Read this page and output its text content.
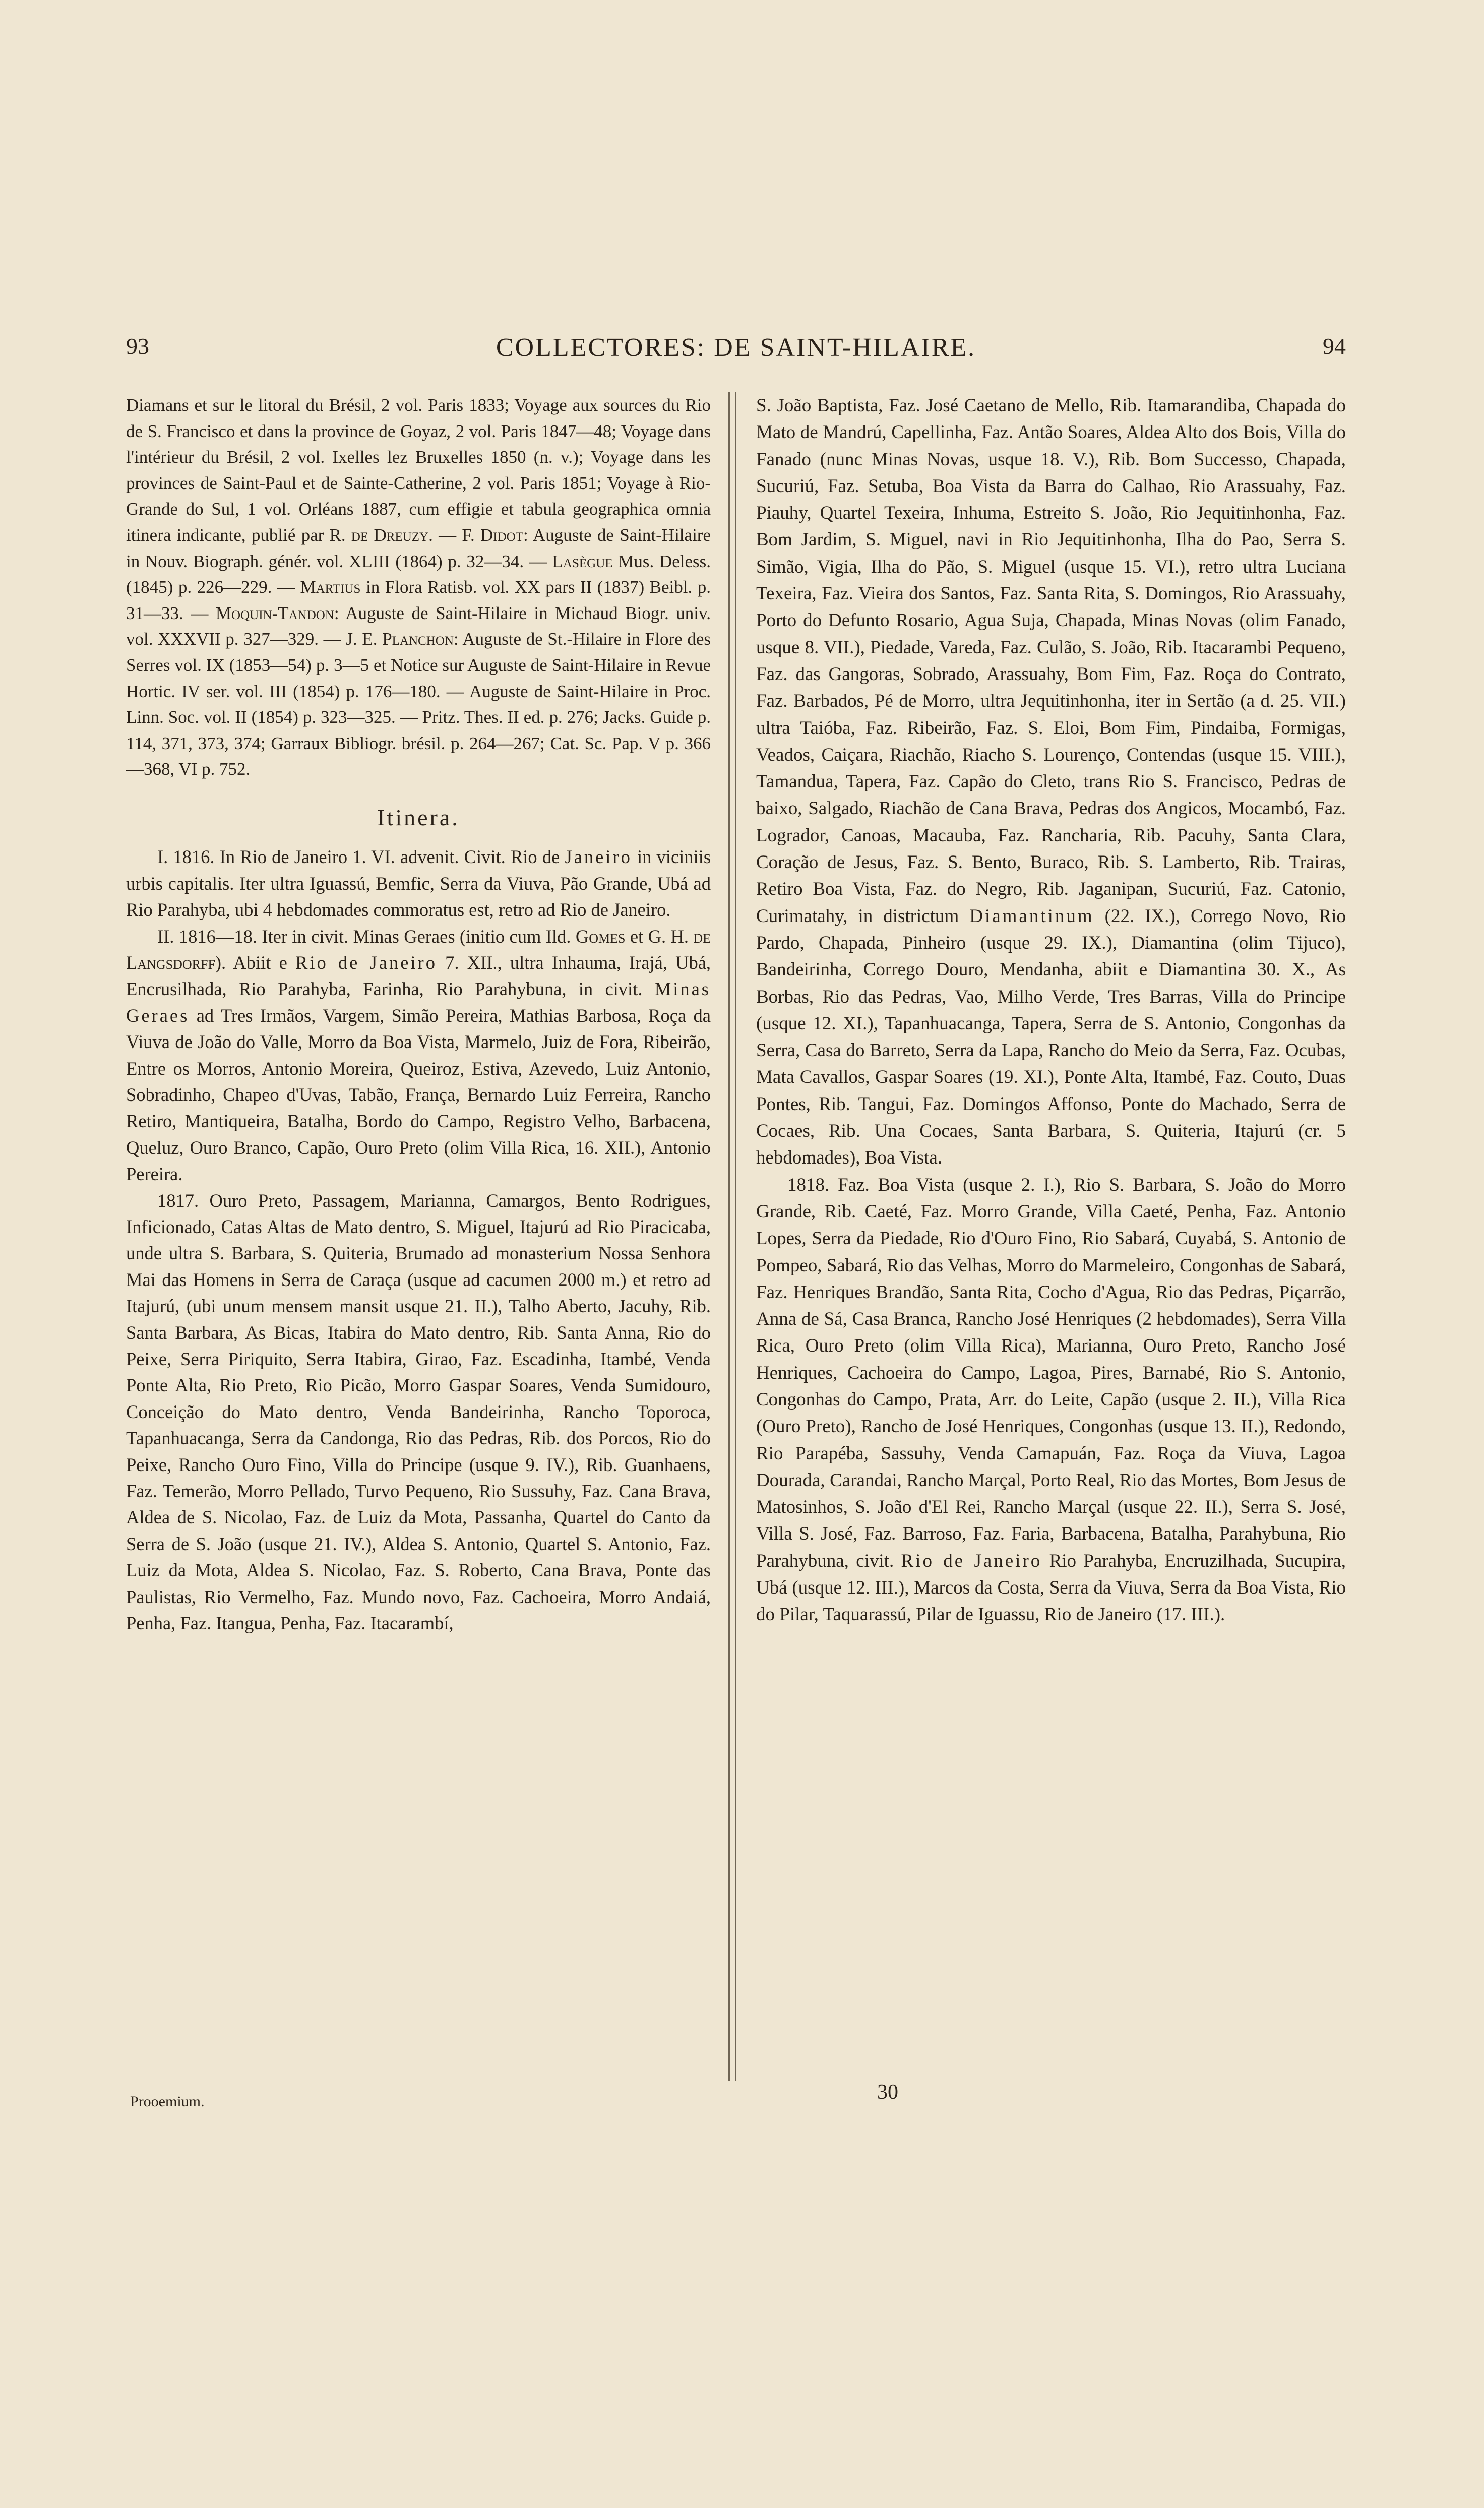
93	COLLECTORES: DE SAINT-HILAIRE.	94

Diamans et sur le litoral du Brésil, 2 vol. Paris 1833; Voyage aux sources du Rio de S. Francisco et dans la province de Goyaz, 2 vol. Paris 1847—48; Voyage dans l'intérieur du Brésil, 2 vol. Ixelles lez Bruxelles 1850 (n. v.); Voyage dans les provinces de Saint-Paul et de Sainte-Catherine, 2 vol. Paris 1851; Voyage à Rio-Grande do Sul, 1 vol. Orléans 1887, cum effigie et tabula geographica omnia itinera indicante, publié par R. de Dreuzy. — F. Didot: Auguste de Saint-Hilaire in Nouv. Biograph. génér. vol. XLIII (1864) p. 32—34. — Lasègue Mus. Deless. (1845) p. 226—229. — Martius in Flora Ratisb. vol. XX pars II (1837) Beibl. p. 31—33. — Moquin-Tandon: Auguste de Saint-Hilaire in Michaud Biogr. univ. vol. XXXVII p. 327—329. — J. E. Planchon: Auguste de St.-Hilaire in Flore des Serres vol. IX (1853—54) p. 3—5 et Notice sur Auguste de Saint-Hilaire in Revue Hortic. IV ser. vol. III (1854) p. 176—180. — Auguste de Saint-Hilaire in Proc. Linn. Soc. vol. II (1854) p. 323—325. — Pritz. Thes. II ed. p. 276; Jacks. Guide p. 114, 371, 373, 374; Garraux Bibliogr. brésil. p. 264—267; Cat. Sc. Pap. V p. 366—368, VI p. 752.

Itinera.

I. 1816. In Rio de Janeiro 1. VI. advenit. Civit. Rio de Janeiro in viciniis urbis capitalis. Iter ultra Iguassú, Bemfic, Serra da Viuva, Pão Grande, Ubá ad Rio Parahyba, ubi 4 hebdomades commoratus est, retro ad Rio de Janeiro.

II. 1816—18. Iter in civit. Minas Geraes (initio cum Ild. Gomes et G. H. de Langsdorff). Abiit e Rio de Janeiro 7. XII., ultra Inhauma, Irajá, Ubá, Encrusilhada, Rio Parahyba, Farinha, Rio Parahybuna, in civit. Minas Geraes ad Tres Irmãos, Vargem, Simão Pereira, Mathias Barbosa, Roça da Viuva de João do Valle, Morro da Boa Vista, Marmelo, Juiz de Fora, Ribeirão, Entre os Morros, Antonio Moreira, Queiroz, Estiva, Azevedo, Luiz Antonio, Sobradinho, Chapeo d'Uvas, Tabão, França, Bernardo Luiz Ferreira, Rancho Retiro, Mantiqueira, Batalha, Bordo do Campo, Registro Velho, Barbacena, Queluz, Ouro Branco, Capão, Ouro Preto (olim Villa Rica, 16. XII.), Antonio Pereira.

1817. Ouro Preto, Passagem, Marianna, Camargos, Bento Rodrigues, Inficionado, Catas Altas de Mato dentro, S. Miguel, Itajurú ad Rio Piracicaba, unde ultra S. Barbara, S. Quiteria, Brumado ad monasterium Nossa Senhora Mai das Homens in Serra de Caraça (usque ad cacumen 2000 m.) et retro ad Itajurú, (ubi unum mensem mansit usque 21. II.), Talho Aberto, Jacuhy, Rib. Santa Barbara, As Bicas, Itabira do Mato dentro, Rib. Santa Anna, Rio do Peixe, Serra Piriquito, Serra Itabira, Girao, Faz. Escadinha, Itambé, Venda Ponte Alta, Rio Preto, Rio Picão, Morro Gaspar Soares, Venda Sumidouro, Conceição do Mato dentro, Venda Bandeirinha, Rancho Toporoca, Tapanhuacanga, Serra da Candonga, Rio das Pedras, Rib. dos Porcos, Rio do Peixe, Rancho Ouro Fino, Villa do Principe (usque 9. IV.), Rib. Guanhaens, Faz. Temerão, Morro Pellado, Turvo Pequeno, Rio Sussuhy, Faz. Cana Brava, Aldea de S. Nicolao, Faz. de Luiz da Mota, Passanha, Quartel do Canto da Serra de S. João (usque 21. IV.), Aldea S. Antonio, Quartel S. Antonio, Faz. Luiz da Mota, Aldea S. Nicolao, Faz. S. Roberto, Cana Brava, Ponte das Paulistas, Rio Vermelho, Faz. Mundo novo, Faz. Cachoeira, Morro Andaiá, Penha, Faz. Itangua, Penha, Faz. Itacarambí,

S. João Baptista, Faz. José Caetano de Mello, Rib. Itamarandiba, Chapada do Mato de Mandrú, Capellinha, Faz. Antão Soares, Aldea Alto dos Bois, Villa do Fanado (nunc Minas Novas, usque 18. V.), Rib. Bom Successo, Chapada, Sucuriú, Faz. Setuba, Boa Vista da Barra do Calhao, Rio Arassuahy, Faz. Piauhy, Quartel Texeira, Inhuma, Estreito S. João, Rio Jequitinhonha, Faz. Bom Jardim, S. Miguel, navi in Rio Jequitinhonha, Ilha do Pao, Serra S. Simão, Vigia, Ilha do Pão, S. Miguel (usque 15. VI.), retro ultra Luciana Texeira, Faz. Vieira dos Santos, Faz. Santa Rita, S. Domingos, Rio Arassuahy, Porto do Defunto Rosario, Agua Suja, Chapada, Minas Novas (olim Fanado, usque 8. VII.), Piedade, Vareda, Faz. Culão, S. João, Rib. Itacarambi Pequeno, Faz. das Gangoras, Sobrado, Arassuahy, Bom Fim, Faz. Roça do Contrato, Faz. Barbados, Pé de Morro, ultra Jequitinhonha, iter in Sertão (a d. 25. VII.) ultra Taióba, Faz. Ribeirão, Faz. S. Eloi, Bom Fim, Pindaiba, Formigas, Veados, Caiçara, Riachão, Riacho S. Lourenço, Contendas (usque 15. VIII.), Tamandua, Tapera, Faz. Capão do Cleto, trans Rio S. Francisco, Pedras de baixo, Salgado, Riachão de Cana Brava, Pedras dos Angicos, Mocambó, Faz. Logrador, Canoas, Macauba, Faz. Rancharia, Rib. Pacuhy, Santa Clara, Coração de Jesus, Faz. S. Bento, Buraco, Rib. S. Lamberto, Rib. Trairas, Retiro Boa Vista, Faz. do Negro, Rib. Jaganipan, Sucuriú, Faz. Catonio, Curimatahy, in districtum Diamantinum (22. IX.), Corrego Novo, Rio Pardo, Chapada, Pinheiro (usque 29. IX.), Diamantina (olim Tijuco), Bandeirinha, Corrego Douro, Mendanha, abiit e Diamantina 30. X., As Borbas, Rio das Pedras, Vao, Milho Verde, Tres Barras, Villa do Principe (usque 12. XI.), Tapanhuacanga, Tapera, Serra de S. Antonio, Congonhas da Serra, Casa do Barreto, Serra da Lapa, Rancho do Meio da Serra, Faz. Ocubas, Mata Cavallos, Gaspar Soares (19. XI.), Ponte Alta, Itambé, Faz. Couto, Duas Pontes, Rib. Tangui, Faz. Domingos Affonso, Ponte do Machado, Serra de Cocaes, Rib. Una Cocaes, Santa Barbara, S. Quiteria, Itajurú (cr. 5 hebdomades), Boa Vista.

1818. Faz. Boa Vista (usque 2. I.), Rio S. Barbara, S. João do Morro Grande, Rib. Caeté, Faz. Morro Grande, Villa Caeté, Penha, Faz. Antonio Lopes, Serra da Piedade, Rio d'Ouro Fino, Rio Sabará, Cuyabá, S. Antonio de Pompeo, Sabará, Rio das Velhas, Morro do Marmeleiro, Congonhas de Sabará, Faz. Henriques Brandão, Santa Rita, Cocho d'Agua, Rio das Pedras, Piçarrão, Anna de Sá, Casa Branca, Rancho José Henriques (2 hebdomades), Serra Villa Rica, Ouro Preto (olim Villa Rica), Marianna, Ouro Preto, Rancho José Henriques, Cachoeira do Campo, Lagoa, Pires, Barnabé, Rio S. Antonio, Congonhas do Campo, Prata, Arr. do Leite, Capão (usque 2. II.), Villa Rica (Ouro Preto), Rancho de José Henriques, Congonhas (usque 13. II.), Redondo, Rio Parapéba, Sassuhy, Venda Camapuán, Faz. Roça da Viuva, Lagoa Dourada, Carandai, Rancho Marçal, Porto Real, Rio das Mortes, Bom Jesus de Matosinhos, S. João d'El Rei, Rancho Marçal (usque 22. II.), Serra S. José, Villa S. José, Faz. Barroso, Faz. Faria, Barbacena, Batalha, Parahybuna, Rio Parahybuna, civit. Rio de Janeiro Rio Parahyba, Encruzilhada, Sucupira, Ubá (usque 12. III.), Marcos da Costa, Serra da Viuva, Serra da Boa Vista, Rio do Pilar, Taquarassú, Pilar de Iguassu, Rio de Janeiro (17. III.).

Prooemium.	30
